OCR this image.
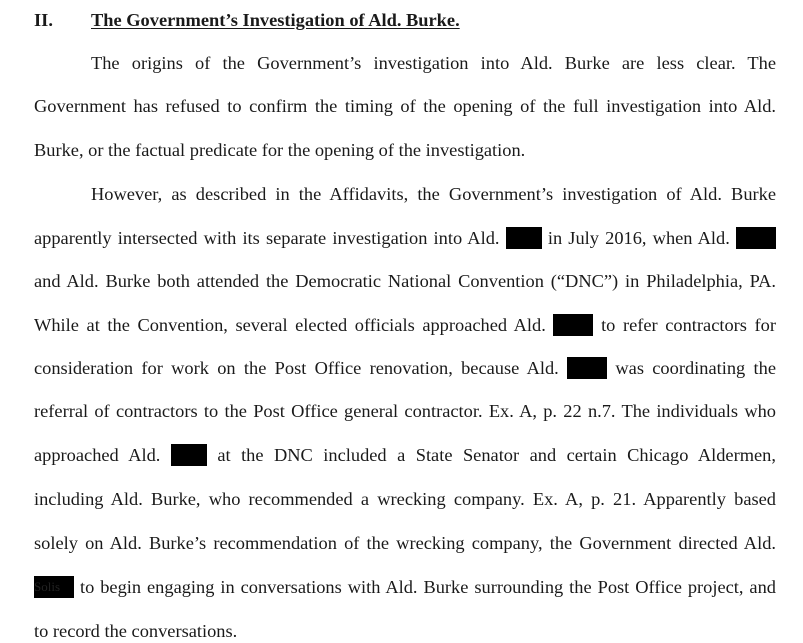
II. The Government’s Investigation of Ald. Burke.
The origins of the Government’s investigation into Ald. Burke are less clear. The
Government has refused to confirm the timing of the opening of the full investigation into Ald.
Burke, or the factual predicate for the opening of the investigation.
However, as described in the Affidavits, the Government’s investigation of Ald. Burke
apparently intersected with its separate investigation into Ald.	in July 2016, when Ald.
and Ald. Burke both attended the Democratic National Convention (“DNC”) in Philadelphia, PA.
While at the Convention, several elected officials approached Ald.	to refer contractors for
consideration for work on the Post Office renovation, because Ald.	was coordinating the
referral of contractors to the Post Office general contractor. Ex. A, p. 22 n.7. The individuals who
approached Ald.	at the DNC included a State Senator and certain Chicago Aldermen,
including Ald. Burke, who recommended a wrecking company. Ex. A, p. 21. Apparently based
solely on Ald. Burke’s recommendation of the wrecking company, the Government directed Ald.
Solis to begin engaging in conversations with Ald. Burke surrounding the Post Office project, and
to record the conversations.
